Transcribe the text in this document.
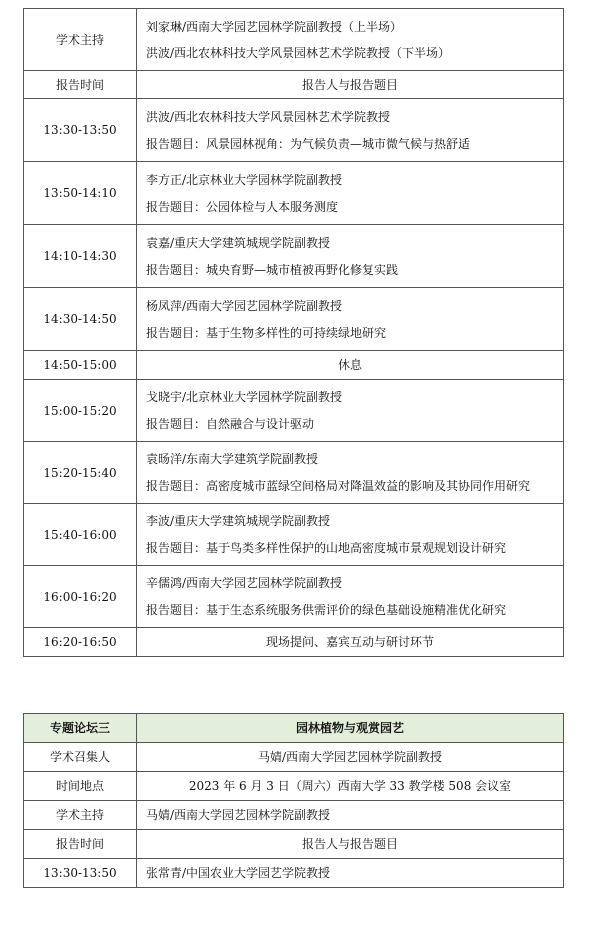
学术主持	刘家琳/西南大学园艺园林学院副教授（上半场）
洪波/西北农林科技大学风景园林艺术学院教授（下半场）

报告时间	报告人与报告题目
13:30-13:50	洪波/西北农林科技大学风景园林艺术学院教授
报告题目：风景园林视角：为气候负责—城市微气候与热舒适

13:50-14:10	李方正/北京林业大学园林学院副教授
报告题目：公园体检与人本服务测度

14:10-14:30	袁嘉/重庆大学建筑城规学院副教授
报告题目：城央育野—城市植被再野化修复实践

14:30-14:50	杨凤萍/西南大学园艺园林学院副教授
报告题目：基于生物多样性的可持续绿地研究

14:50-15:00	休息
15:00-15:20	戈晓宇/北京林业大学园林学院副教授
报告题目：自然融合与设计驱动

15:20-15:40	袁旸洋/东南大学建筑学院副教授
报告题目：高密度城市蓝绿空间格局对降温效益的影响及其协同作用研究

15:40-16:00	李波/重庆大学建筑城规学院副教授
报告题目：基于鸟类多样性保护的山地高密度城市景观规划设计研究

16:00-16:20	辛儒鸿/西南大学园艺园林学院副教授
报告题目：基于生态系统服务供需评价的绿色基础设施精准优化研究

16:20-16:50	现场提问、嘉宾互动与研讨环节
专题论坛三	园林植物与观赏园艺
学术召集人	马婧/西南大学园艺园林学院副教授
时间地点	2023 年 6 月 3 日（周六）西南大学 33 教学楼 508 会议室
学术主持	马婧/西南大学园艺园林学院副教授
报告时间	报告人与报告题目
13:30-13:50	张常青/中国农业大学园艺学院教授
